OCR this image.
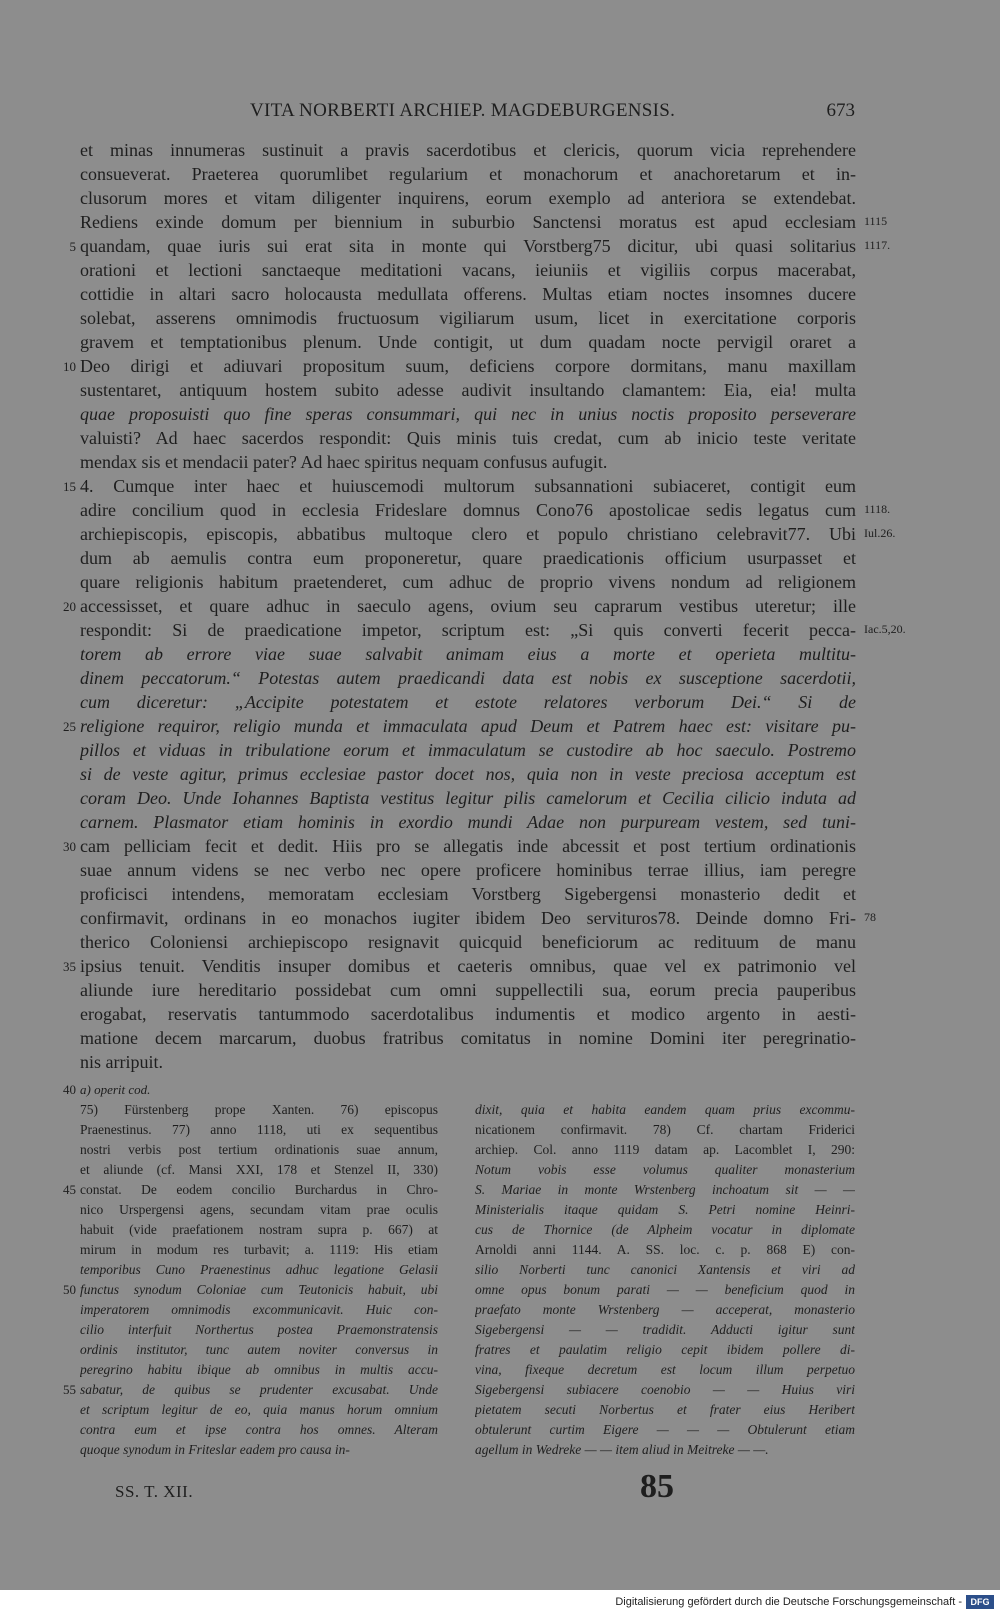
VITA NORBERTI ARCHIEP. MAGDEBURGENSIS.	673
et minas innumeras sustinuit a pravis sacerdotibus et clericis, quorum vicia reprehendere
consueverat. Praeterea quorumlibet regularium et monachorum et anachoretarum et in-
clusorum mores et vitam diligenter inquirens, eorum exemplo ad anteriora se extendebat.
Rediens exinde domum per biennium in suburbio Sanctensi moratus est apud ecclesiam 1115
5 quandam, quae iuris sui erat sita in monte qui Vorstberg75 dicitur, ubi quasi solitarius 1117.
orationi et lectioni sanctaeque meditationi vacans, ieiuniis et vigiliis corpus macerabat,
cottidie in altari sacro holocausta medullata offerens. Multas etiam noctes insomnes ducere
solebat, asserens omnimodis fructuosum vigiliarum usum, licet in exercitatione corporis
gravem et temptationibus plenum. Unde contigit, ut dum quadam nocte pervigil oraret a
10 Deo dirigi et adiuvari propositum suum, deficiens corpore dormitans, manu maxillam
sustentaret, antiquum hostem subito adesse audivit insultando clamantem: Eia, eia! multa
quae proposuisti quo fine speras consummari, qui nec in unius noctis proposito perseverare
valuisti? Ad haec sacerdos respondit: Quis minis tuis credat, cum ab inicio teste veritate
mendax sis et mendacii pater? Ad haec spiritus nequam confusus aufugit.
15 4. Cumque inter haec et huiuscemodi multorum subsannationi subiaceret, contigit eum
adire concilium quod in ecclesia Frideslare domnus Cono76 apostolicae sedis legatus cum 1118.
archiepiscopis, episcopis, abbatibus multoque clero et populo christiano celebravit77. Ubi Iul.26.
dum ab aemulis contra eum proponeretur, quare praedicationis officium usurpasset et
quare religionis habitum praetenderet, cum adhuc de proprio vivens nondum ad religionem
20 accessisset, et quare adhuc in saeculo agens, ovium seu caprarum vestibus uteretur; ille
respondit: Si de praedicatione impetor, scriptum est: „Si quis converti fecerit pecca- Iac.5,20.
torem ab errore viae suae salvabit animam eius a morte et operieta multitu-
dinem peccatorum.“ Potestas autem praedicandi data est nobis ex susceptione sacerdotii,
cum diceretur: „Accipite potestatem et estote relatores verborum Dei.“ Si de
25 religione requiror, religio munda et immaculata apud Deum et Patrem haec est: visitare pu-
pillos et viduas in tribulatione eorum et immaculatum se custodire ab hoc saeculo. Postremo
si de veste agitur, primus ecclesiae pastor docet nos, quia non in veste preciosa acceptum est
coram Deo. Unde Iohannes Baptista vestitus legitur pilis camelorum et Cecilia cilicio induta ad
carnem. Plasmator etiam hominis in exordio mundi Adae non purpuream vestem, sed tuni-
30 cam pelliciam fecit et dedit. Hiis pro se allegatis inde abcessit et post tertium ordinationis
suae annum videns se nec verbo nec opere proficere hominibus terrae illius, iam peregre
proficisci intendens, memoratam ecclesiam Vorstberg Sigebergensi monasterio dedit et
confirmavit, ordinans in eo monachos iugiter ibidem Deo servituros78. Deinde domno Fri- 78
therico Coloniensi archiepiscopo resignavit quicquid beneficiorum ac redituum de manu
35 ipsius tenuit. Venditis insuper domibus et caeteris omnibus, quae vel ex patrimonio vel
aliunde iure hereditario possidebat cum omni suppellectili sua, eorum precia pauperibus
erogabat, reservatis tantummodo sacerdotalibus indumentis et modico argento in aesti-
matione decem marcarum, duobus fratribus comitatus in nomine Domini iter peregrinatio-
nis arripuit.
a) operit cod.
40
75) Fürstenberg prope Xanten. 76) episcopus
Praenestinus. 77) anno 1118, uti ex sequentibus
nostri verbis post tertium ordinationis suae annum,
et aliunde (cf. Mansi XXI, 178 et Stenzel II, 330)
constat. De eodem concilio Burchardus in Chro-
nico Urspergensi agens, secundam vitam prae oculis
habuit (vide praefationem nostram supra p. 667) at
mirum in modum res turbavit; a. 1119: His etiam
temporibus Cuno Praenestinus adhuc legatione Gelasii
functus synodum Coloniae cum Teutonicis habuit, ubi
imperatorem omnimodis excommunicavit. Huic con-
cilio interfuit Northertus postea Praemonstratensis
ordinis institutor, tunc autem noviter conversus in
peregrino habitu ibique ab omnibus in multis accu-
sabatur, de quibus se prudenter excusabat. Unde
et scriptum legitur de eo, quia manus horum omnium
contra eum et ipse contra hos omnes. Alteram
quoque synodum in Friteslar eadem pro causa in-
dixit, quia et habita eandem quam prius excommu-
nicationem confirmavit. 78) Cf. chartam Friderici
archiep. Col. anno 1119 datam ap. Lacomblet I, 290:
Notum vobis esse volumus qualiter monasterium
S. Mariae in monte Wrstenberg inchoatum sit — —
Ministerialis itaque quidam S. Petri nomine Heinri-
cus de Thornice (de Alpheim vocatur in diplomate
Arnoldi anni 1144. A. SS. loc. c. p. 868 E) con-
silio Norberti tunc canonici Xantensis et viri ad
omne opus bonum parati — — beneficium quod in
praefato monte Wrstenberg — acceperat, monasterio
Sigebergensi — — tradidit. Adducti igitur sunt
fratres et paulatim religio cepit ibidem pollere di-
vina, fixeque decretum est locum illum perpetuo
Sigebergensi subiacere coenobio — — Huius viri
pietatem secuti Norbertus et frater eius Heribert
obtulerunt curtim Eigere — — — Obtulerunt etiam
agellum in Wedreke — — item aliud in Meitreke — —.
45
50
55
SS. T. XII.	85
Digitalisierung gefördert durch die Deutsche Forschungsgemeinschaft - DFG
